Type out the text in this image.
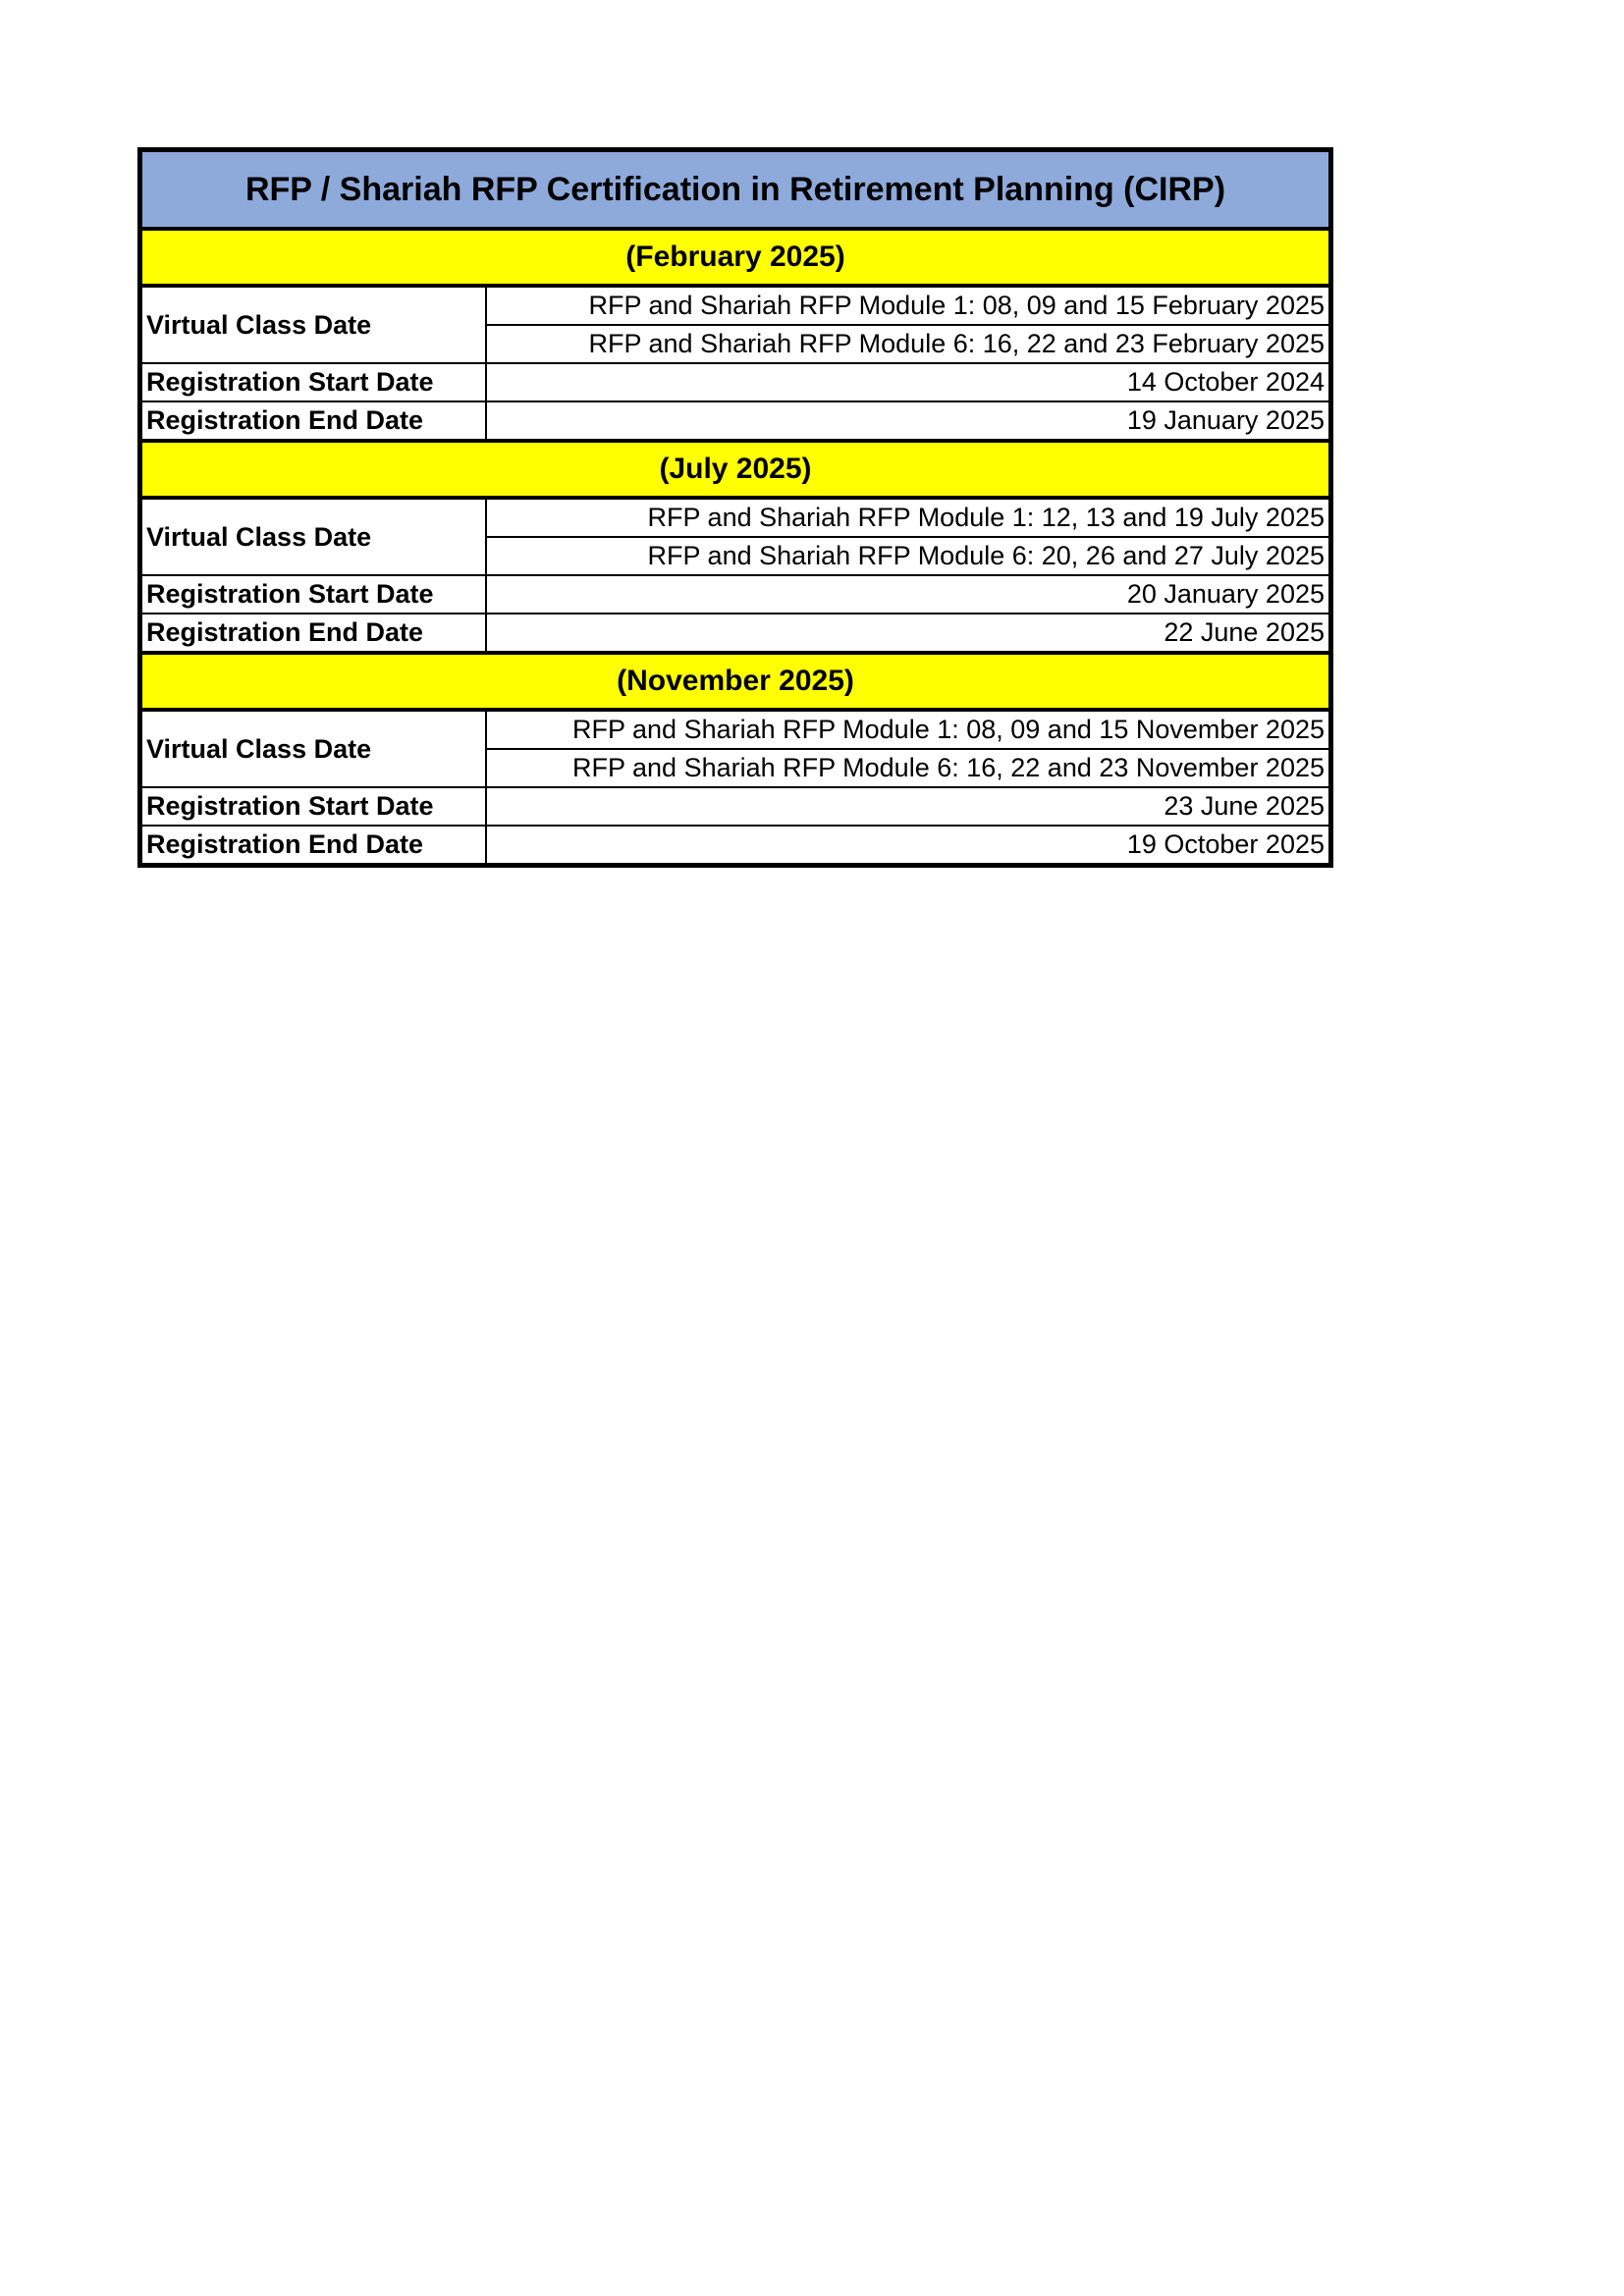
RFP / Shariah RFP Certification in Retirement Planning (CIRP)	
(February 2025)	
Virtual Class Date	RFP and Shariah RFP Module 1: 08, 09 and 15 February 2025
	RFP and Shariah RFP Module 6: 16, 22 and 23 February 2025
Registration Start Date	14 October 2024
Registration End Date	19 January 2025
(July 2025)	
Virtual Class Date	RFP and Shariah RFP Module 1: 12, 13 and 19 July 2025
	RFP and Shariah RFP Module 6: 20, 26 and 27 July 2025
Registration Start Date	20 January 2025
Registration End Date	22 June 2025
(November 2025)	
Virtual Class Date	RFP and Shariah RFP Module 1: 08, 09 and 15 November 2025
	RFP and Shariah RFP Module 6: 16, 22 and 23 November 2025
Registration Start Date	23 June 2025
Registration End Date	19 October 2025
